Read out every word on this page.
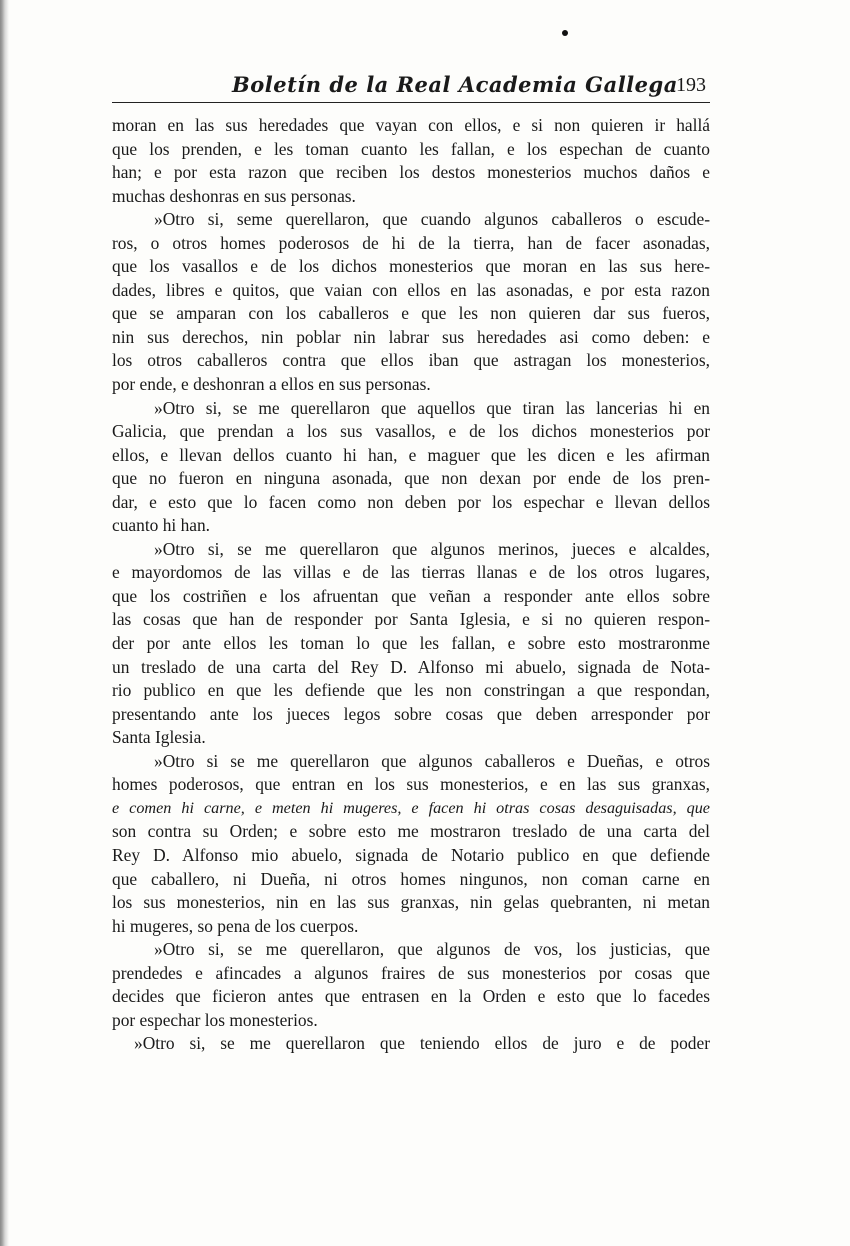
Boletín de la Real Academia Gallega
193
moran en las sus heredades que vayan con ellos, e si non quieren ir hallá
que los prenden, e les toman cuanto les fallan, e los espechan de cuanto
han; e por esta razon que reciben los destos monesterios muchos daños e
muchas deshonras en sus personas.
»Otro si, seme querellaron, que cuando algunos caballeros o escude-
ros, o otros homes poderosos de hi de la tierra, han de facer asonadas,
que los vasallos e de los dichos monesterios que moran en las sus here-
dades, libres e quitos, que vaian con ellos en las asonadas, e por esta razon
que se amparan con los caballeros e que les non quieren dar sus fueros,
nin sus derechos, nin poblar nin labrar sus heredades asi como deben: e
los otros caballeros contra que ellos iban que astragan los monesterios,
por ende, e deshonran a ellos en sus personas.
»Otro si, se me querellaron que aquellos que tiran las lancerias hi en
Galicia, que prendan a los sus vasallos, e de los dichos monesterios por
ellos, e llevan dellos cuanto hi han, e maguer que les dicen e les afirman
que no fueron en ninguna asonada, que non dexan por ende de los pren-
dar, e esto que lo facen como non deben por los espechar e llevan dellos
cuanto hi han.
»Otro si, se me querellaron que algunos merinos, jueces e alcaldes,
e mayordomos de las villas e de las tierras llanas e de los otros lugares,
que los costriñen e los afruentan que veñan a responder ante ellos sobre
las cosas que han de responder por Santa Iglesia, e si no quieren respon-
der por ante ellos les toman lo que les fallan, e sobre esto mostraronme
un treslado de una carta del Rey D. Alfonso mi abuelo, signada de Nota-
rio publico en que les defiende que les non constringan a que respondan,
presentando ante los jueces legos sobre cosas que deben arresponder por
Santa Iglesia.
»Otro si se me querellaron que algunos caballeros e Dueñas, e otros
homes poderosos, que entran en los sus monesterios, e en las sus granxas,
e comen hi carne, e meten hi mugeres, e facen hi otras cosas desaguisadas, que
son contra su Orden; e sobre esto me mostraron treslado de una carta del
Rey D. Alfonso mio abuelo, signada de Notario publico en que defiende
que caballero, ni Dueña, ni otros homes ningunos, non coman carne en
los sus monesterios, nin en las sus granxas, nin gelas quebranten, ni metan
hi mugeres, so pena de los cuerpos.
»Otro si, se me querellaron, que algunos de vos, los justicias, que
prendedes e afincades a algunos fraires de sus monesterios por cosas que
decides que ficieron antes que entrasen en la Orden e esto que lo facedes
por espechar los monesterios.
»Otro si, se me querellaron que teniendo ellos de juro e de poder
